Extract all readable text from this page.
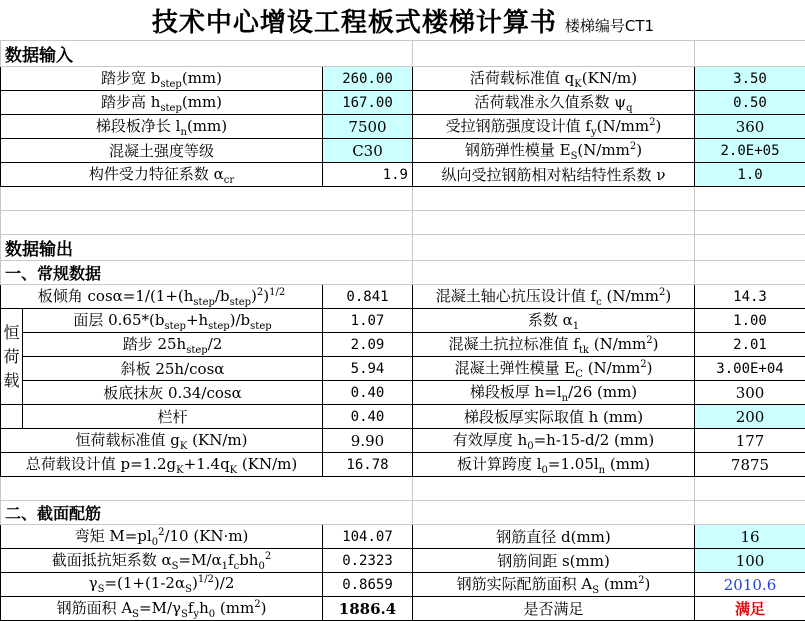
技术中心增设工程板式楼梯计算书 楼梯编号CT1				
数据输入				
踏步宽 $b_{step}(mm)$		260.00	活荷载标准值 $q_K(KN/m)$	3.50
踏步高 $h_{step}(mm)$		167.00	活荷载准永久值系数 $\psi_q$	0.50
梯段板净长 $l_n(mm)$		7500	受拉钢筋强度设计值 $f_y(N/mm^2)$	360
混凝土强度等级		C30	钢筋弹性模量 $E_S(N/mm^2)$	2.0E+05
构件受力特征系数 $\alpha_{cr}$		1.9	纵向受拉钢筋相对粘结特性系数 ν	1.0

数据输出				
一、常规数据				
板倾角 $\cos\alpha=1/(1+(h_{step}/b_{step})^2)^{1/2}$		0.841	混凝土轴心抗压设计值 $f_c$ $(N/mm^2)$	14.3
恒
荷
载	面层 $0.65*(b_{step}+h_{step})/b_{step}$	1.07	系数 $\alpha_1$	1.00
	踏步 $25h_{step}/2$	2.09	混凝土抗拉标准值 $f_{tk}$ $(N/mm^2)$	2.01
	斜板 25h/cosα	5.94	混凝土弹性模量 $E_C$ $(N/mm^2)$	3.00E+04
	板底抹灰 0.34/cosα	0.40	梯段板厚 $h=l_n/26$ (mm)	300
	栏杆	0.40	梯段板厚实际取值 h (mm)	200
恒荷载标准值 $g_K$ (KN/m)		9.90	有效厚度 $h_0=h-15-d/2$ (mm)	177
总荷载设计值 $p=1.2g_K+1.4q_K$ (KN/m)		16.78	板计算跨度 $l_0=1.05l_n$ (mm)	7875

二、截面配筋				
弯矩 $M=pl_0^2/10$ (KN·m)		104.07	钢筋直径 d(mm)	16
截面抵抗矩系数 $\alpha_S=M/\alpha_1f_cbh_0^2$		0.2323	钢筋间距 s(mm)	100
$\gamma_S=(1+(1-2\alpha_S)^{1/2})/2$		0.8659	钢筋实际配筋面积 $A_S$ $(mm^2)$	2010.6
钢筋面积 $A_S=M/\gamma_Sf_yh_0$ $(mm^2)$		1886.4	是否满足	满足
